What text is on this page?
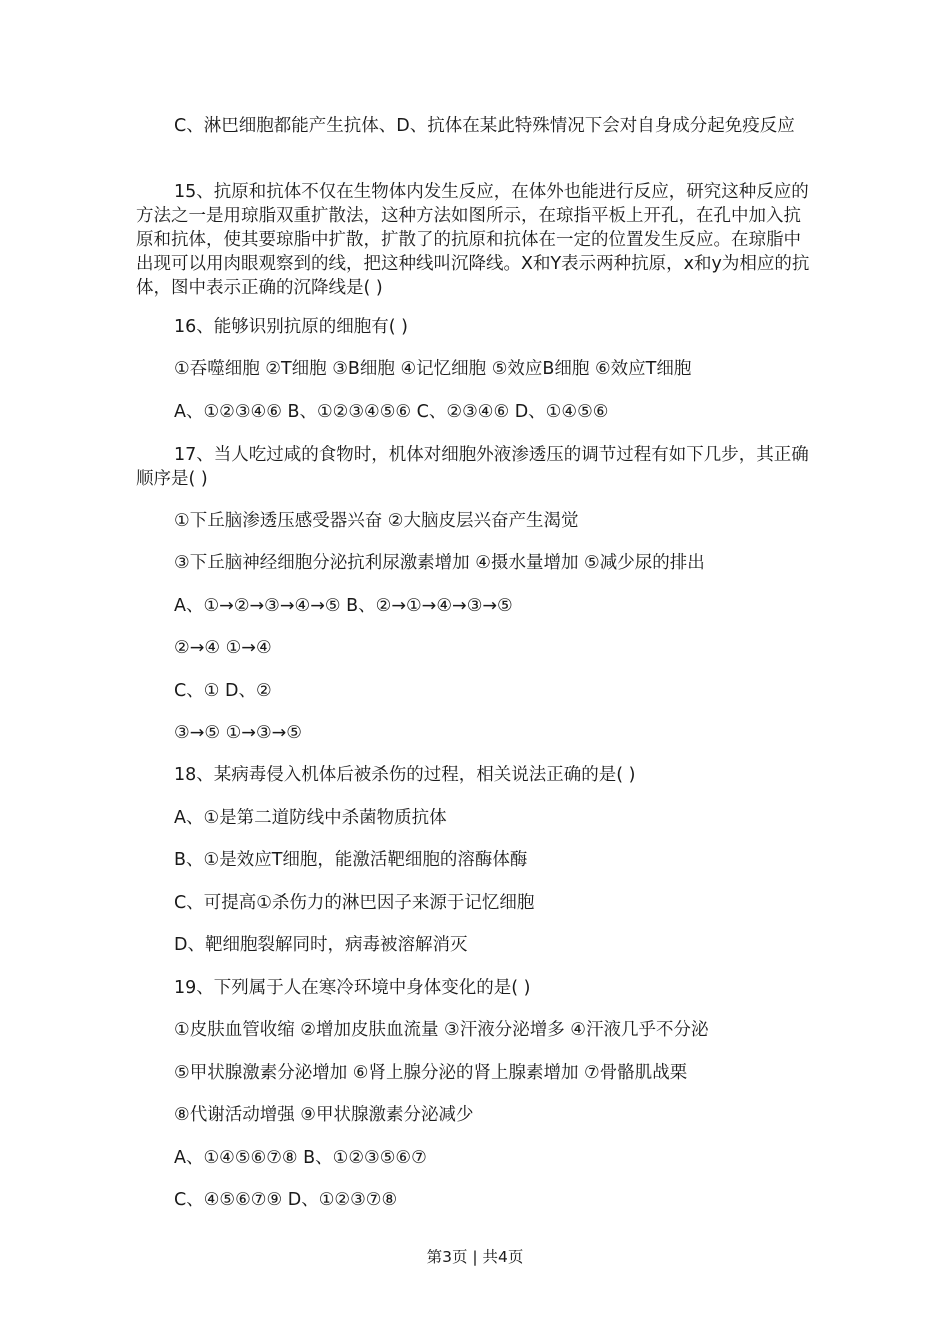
C、淋巴细胞都能产生抗体、D、抗体在某此特殊情况下会对自身成分起免疫反应

15、抗原和抗体不仅在生物体内发生反应，在体外也能进行反应，研究这种反应的方法之一是用琼脂双重扩散法，这种方法如图所示，在琼指平板上开孔，在孔中加入抗原和抗体，使其要琼脂中扩散，扩散了的抗原和抗体在一定的位置发生反应。在琼脂中出现可以用肉眼观察到的线，把这种线叫沉降线。X和Y表示两种抗原，x和y为相应的抗体，图中表示正确的沉降线是( )

16、能够识别抗原的细胞有( )

①吞噬细胞 ②T细胞 ③B细胞 ④记忆细胞 ⑤效应B细胞 ⑥效应T细胞

A、①②③④⑥ B、①②③④⑤⑥ C、②③④⑥ D、①④⑤⑥

17、当人吃过咸的食物时，机体对细胞外液渗透压的调节过程有如下几步，其正确顺序是( )

①下丘脑渗透压感受器兴奋 ②大脑皮层兴奋产生渴觉

③下丘脑神经细胞分泌抗利尿激素增加 ④摄水量增加 ⑤减少尿的排出

A、①→②→③→④→⑤ B、②→①→④→③→⑤

②→④ ①→④

C、① D、②

③→⑤ ①→③→⑤

18、某病毒侵入机体后被杀伤的过程，相关说法正确的是( )

A、①是第二道防线中杀菌物质抗体

B、①是效应T细胞，能激活靶细胞的溶酶体酶

C、可提高①杀伤力的淋巴因子来源于记忆细胞

D、靶细胞裂解同时，病毒被溶解消灭

19、下列属于人在寒冷环境中身体变化的是( )

①皮肤血管收缩 ②增加皮肤血流量 ③汗液分泌增多 ④汗液几乎不分泌

⑤甲状腺激素分泌增加 ⑥肾上腺分泌的肾上腺素增加 ⑦骨骼肌战栗

⑧代谢活动增强 ⑨甲状腺激素分泌减少

A、①④⑤⑥⑦⑧ B、①②③⑤⑥⑦

C、④⑤⑥⑦⑨ D、①②③⑦⑧

第3页 | 共4页
